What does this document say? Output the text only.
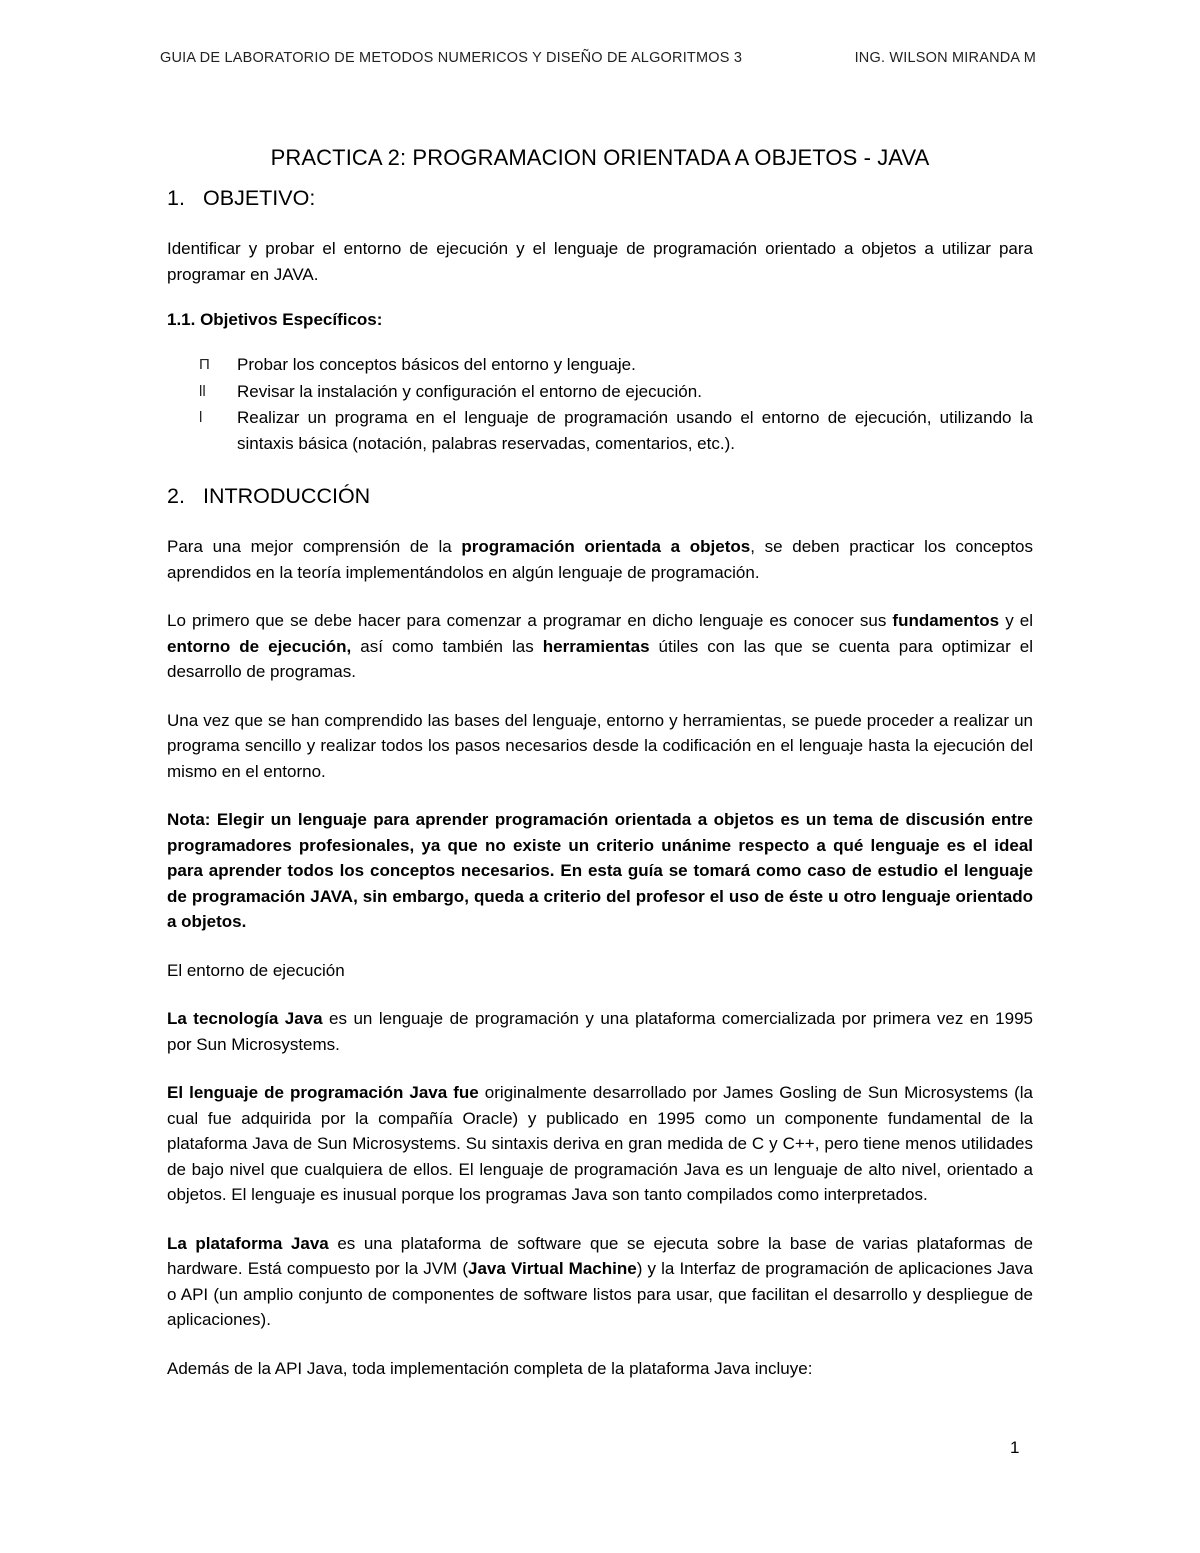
GUIA DE LABORATORIO DE METODOS NUMERICOS Y DISEÑO DE ALGORITMOS 3	ING. WILSON MIRANDA M
PRACTICA 2: PROGRAMACION ORIENTADA A OBJETOS - JAVA
1. OBJETIVO:

Identificar y probar el entorno de ejecución y el lenguaje de programación orientado a objetos a utilizar para programar en JAVA.

1.1. Objetivos Específicos:
Π Probar los conceptos básicos del entorno y lenguaje.
ll Revisar la instalación y configuración el entorno de ejecución.
l Realizar un programa en el lenguaje de programación usando el entorno de ejecución, utilizando la sintaxis básica (notación, palabras reservadas, comentarios, etc.).
2. INTRODUCCIÓN

Para una mejor comprensión de la programación orientada a objetos, se deben practicar los conceptos aprendidos en la teoría implementándolos en algún lenguaje de programación.

Lo primero que se debe hacer para comenzar a programar en dicho lenguaje es conocer sus fundamentos y el entorno de ejecución, así como también las herramientas útiles con las que se cuenta para optimizar el desarrollo de programas.

Una vez que se han comprendido las bases del lenguaje, entorno y herramientas, se puede proceder a realizar un programa sencillo y realizar todos los pasos necesarios desde la codificación en el lenguaje hasta la ejecución del mismo en el entorno.

Nota: Elegir un lenguaje para aprender programación orientada a objetos es un tema de discusión entre programadores profesionales, ya que no existe un criterio unánime respecto a qué lenguaje es el ideal para aprender todos los conceptos necesarios. En esta guía se tomará como caso de estudio el lenguaje de programación JAVA, sin embargo, queda a criterio del profesor el uso de éste u otro lenguaje orientado a objetos.

El entorno de ejecución

La tecnología Java es un lenguaje de programación y una plataforma comercializada por primera vez en 1995 por Sun Microsystems.

El lenguaje de programación Java fue originalmente desarrollado por James Gosling de Sun Microsystems (la cual fue adquirida por la compañía Oracle) y publicado en 1995 como un componente fundamental de la plataforma Java de Sun Microsystems. Su sintaxis deriva en gran medida de C y C++, pero tiene menos utilidades de bajo nivel que cualquiera de ellos. El lenguaje de programación Java es un lenguaje de alto nivel, orientado a objetos. El lenguaje es inusual porque los programas Java son tanto compilados como interpretados.

La plataforma Java es una plataforma de software que se ejecuta sobre la base de varias plataformas de hardware. Está compuesto por la JVM (Java Virtual Machine) y la Interfaz de programación de aplicaciones Java o API (un amplio conjunto de componentes de software listos para usar, que facilitan el desarrollo y despliegue de aplicaciones).

Además de la API Java, toda implementación completa de la plataforma Java incluye:

1
